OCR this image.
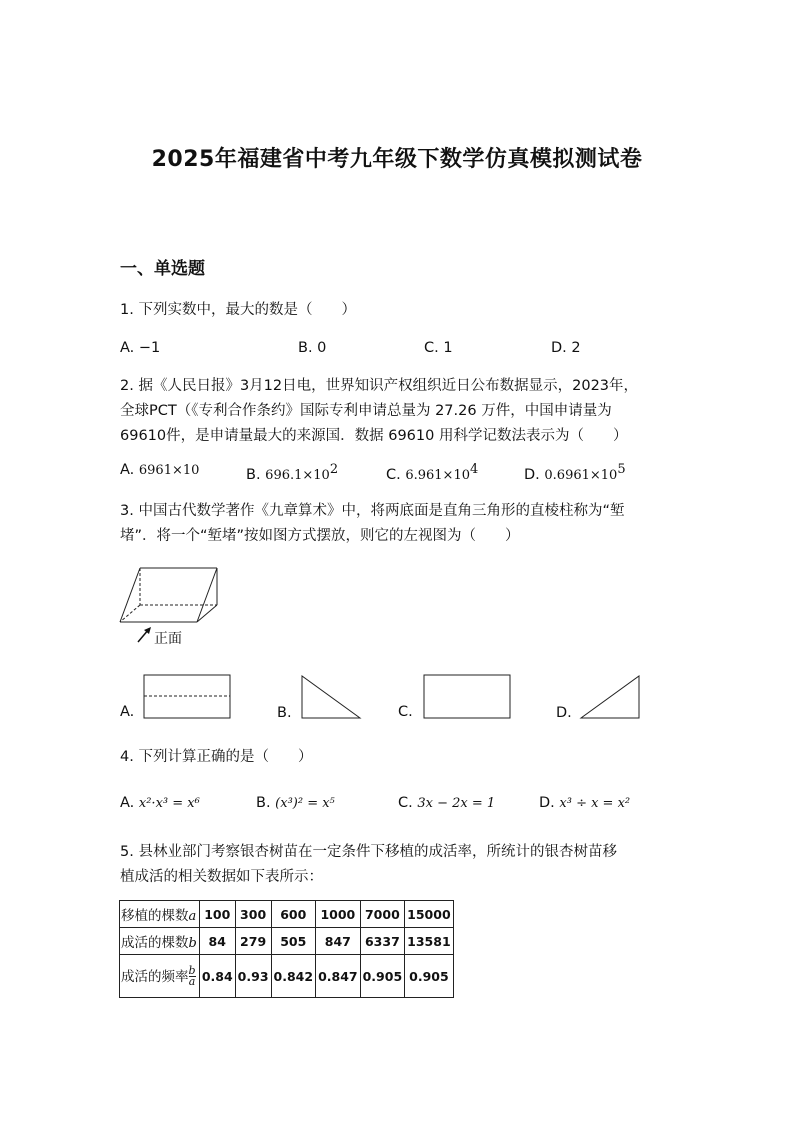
2025年福建省中考九年级下数学仿真模拟测试卷
一、单选题
1. 下列实数中，最大的数是（　　）
A. −1	B. 0	C. 1	D. 2

2. 据《人民日报》3月12日电，世界知识产权组织近日公布数据显示，2023年，

全球PCT（《专利合作条约》国际专利申请总量为 27.26 万件，中国申请量为

69610件，是申请量最大的来源国．数据 69610 用科学记数法表示为（　　）

A. 6961×10	B. $696.1\times 10^2$	C. $6.961\times 10^4$	D. $0.6961\times 10^5$

3. 中国古代数学著作《九章算术》中，将两底面是直角三角形的直棱柱称为“堑

堵”．将一个“堑堵”按如图方式摆放，则它的左视图为（　　）

正面
A.	B.	C.	D.
4. 下列计算正确的是（　　）
A. x²·x³ = x⁶	B. (x³)² = x⁵	C. 3x − 2x = 1	D. x³ ÷ x = x²

5. 县林业部门考察银杏树苗在一定条件下移植的成活率，所统计的银杏树苗移

植成活的相关数据如下表所示：

移植的棵数a	100	300	600	1000	7000	15000
成活的棵数b	84	279	505	847	6337	13581
成活的频率 $\frac{b}{a}$	0.84	0.93	0.842	0.847	0.905	0.905
